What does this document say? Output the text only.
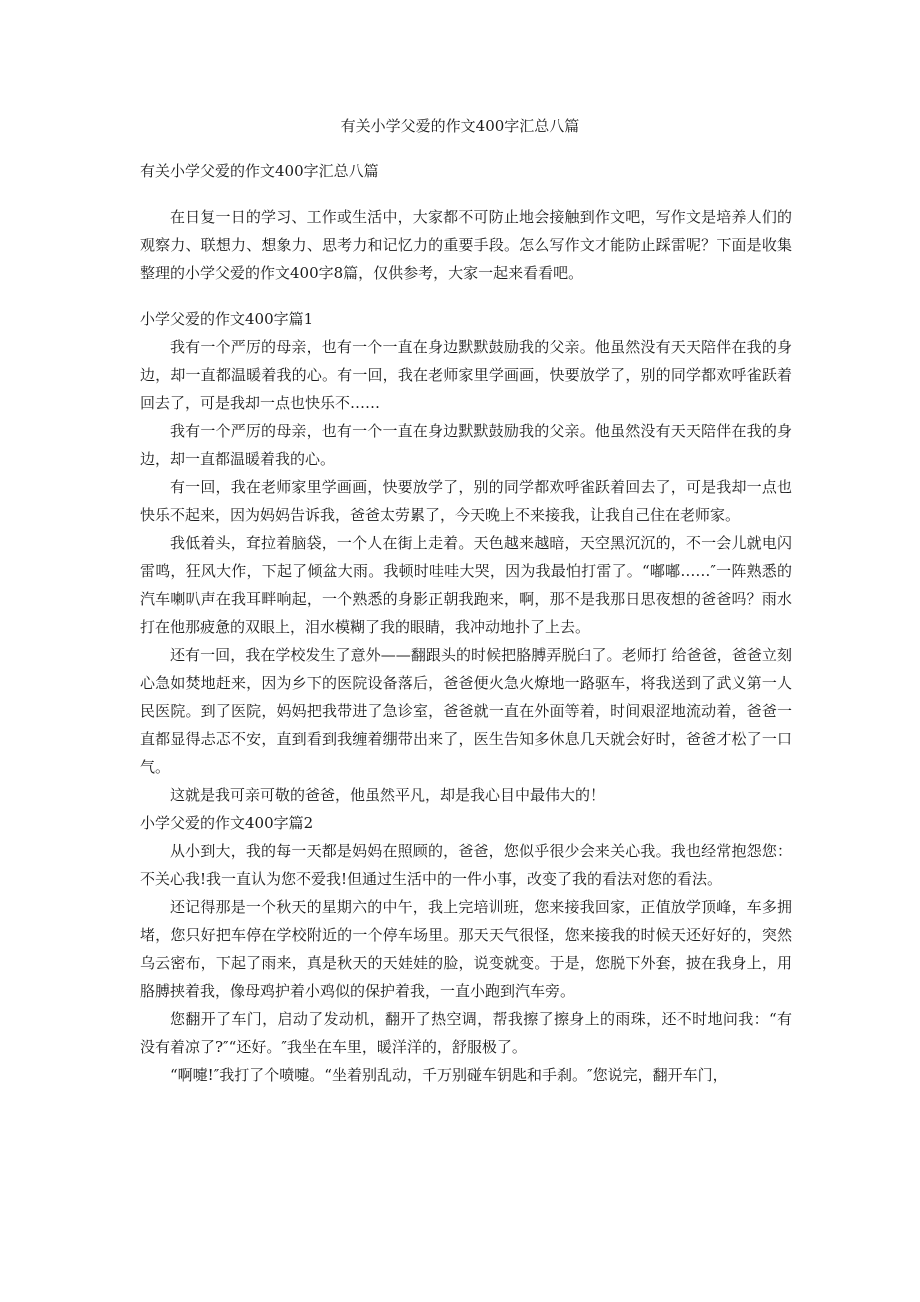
有关小学父爱的作文400字汇总八篇

有关小学父爱的作文400字汇总八篇

在日复一日的学习、工作或生活中，大家都不可防止地会接触到作文吧，写作文是培养人们的观察力、联想力、想象力、思考力和记忆力的重要手段。怎么写作文才能防止踩雷呢？下面是收集整理的小学父爱的作文400字8篇，仅供参考，大家一起来看看吧。

小学父爱的作文400字篇1

我有一个严厉的母亲，也有一个一直在身边默默鼓励我的父亲。他虽然没有天天陪伴在我的身边，却一直都温暖着我的心。有一回，我在老师家里学画画，快要放学了，别的同学都欢呼雀跃着回去了，可是我却一点也快乐不……

我有一个严厉的母亲，也有一个一直在身边默默鼓励我的父亲。他虽然没有天天陪伴在我的身边，却一直都温暖着我的心。

有一回，我在老师家里学画画，快要放学了，别的同学都欢呼雀跃着回去了，可是我却一点也快乐不起来，因为妈妈告诉我，爸爸太劳累了，今天晚上不来接我，让我自己住在老师家。

我低着头，耷拉着脑袋，一个人在街上走着。天色越来越暗，天空黑沉沉的，不一会儿就电闪雷鸣，狂风大作，下起了倾盆大雨。我顿时哇哇大哭，因为我最怕打雷了。“嘟嘟……″一阵熟悉的汽车喇叭声在我耳畔响起，一个熟悉的身影正朝我跑来，啊，那不是我那日思夜想的爸爸吗？雨水打在他那疲惫的双眼上，泪水模糊了我的眼睛，我冲动地扑了上去。

还有一回，我在学校发生了意外——翻跟头的时候把胳膊弄脱臼了。老师打 给爸爸，爸爸立刻心急如焚地赶来，因为乡下的医院设备落后，爸爸便火急火燎地一路驱车，将我送到了武义第一人民医院。到了医院，妈妈把我带进了急诊室，爸爸就一直在外面等着，时间艰涩地流动着，爸爸一直都显得忐忑不安，直到看到我缠着绷带出来了，医生告知多休息几天就会好时，爸爸才松了一口气。

这就是我可亲可敬的爸爸，他虽然平凡，却是我心目中最伟大的！

小学父爱的作文400字篇2

从小到大，我的每一天都是妈妈在照顾的，爸爸，您似乎很少会来关心我。我也经常抱怨您：不关心我!我一直认为您不爱我!但通过生活中的一件小事，改变了我的看法对您的看法。

还记得那是一个秋天的星期六的中午，我上完培训班，您来接我回家，正值放学顶峰，车多拥堵，您只好把车停在学校附近的一个停车场里。那天天气很怪，您来接我的时候天还好好的，突然乌云密布，下起了雨来，真是秋天的天娃娃的脸，说变就变。于是，您脱下外套，披在我身上，用胳膊挟着我，像母鸡护着小鸡似的保护着我，一直小跑到汽车旁。

您翻开了车门，启动了发动机，翻开了热空调，帮我擦了擦身上的雨珠，还不时地问我：“有没有着凉了?″“还好。″我坐在车里，暖洋洋的，舒服极了。

“啊嚏!″我打了个喷嚏。“坐着别乱动，千万别碰车钥匙和手刹。″您说完，翻开车门，
